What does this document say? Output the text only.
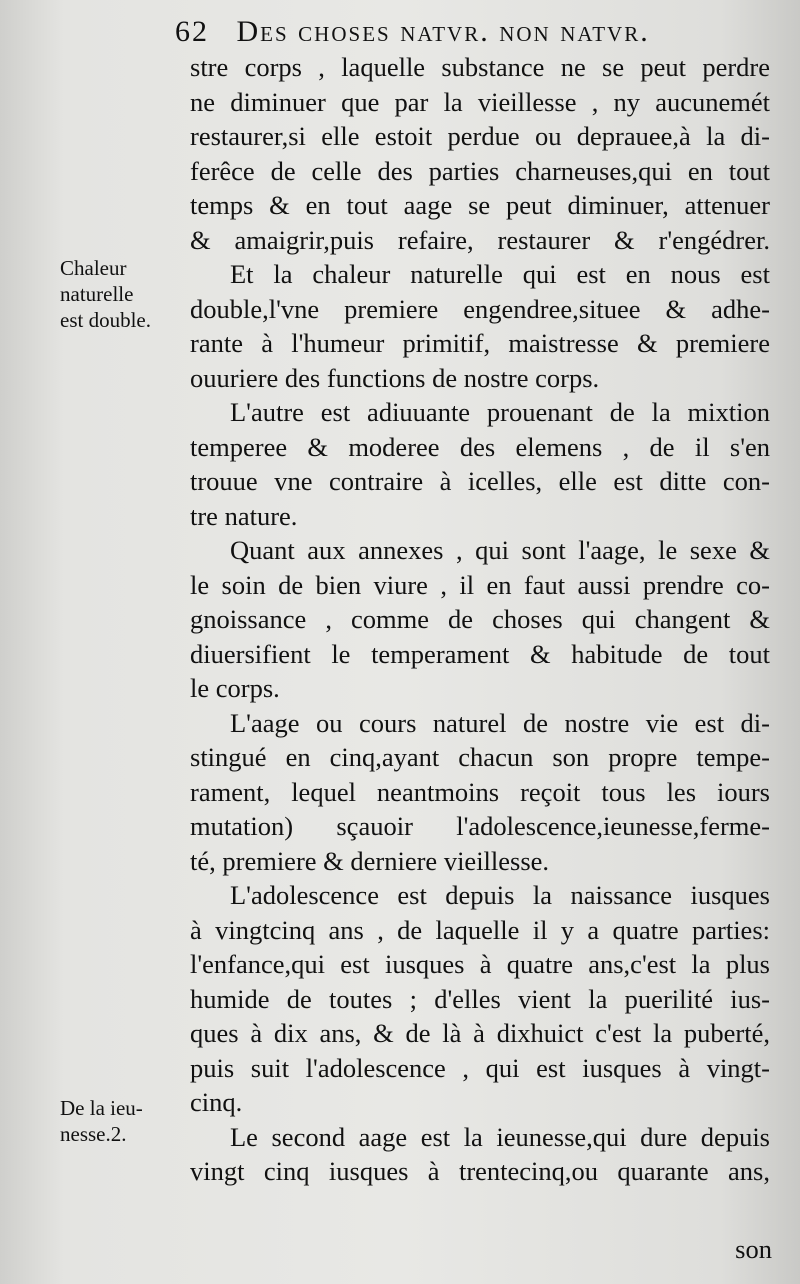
62 Des choses natvr. non natvr.
Chaleur
naturelle
est double.
De la ieu-
nesse.2.
stre corps , laquelle substance ne se peut perdre
ne diminuer que par la vieillesse , ny aucunemét
restaurer,si elle estoit perdue ou deprauee,à la di-
ferêce de celle des parties charneuses,qui en tout
temps & en tout aage se peut diminuer, attenuer
& amaigrir,puis refaire, restaurer & r'engédrer.
Et la chaleur naturelle qui est en nous est
double,l'vne premiere engendree,situee & adhe-
rante à l'humeur primitif, maistresse & premiere
ouuriere des functions de nostre corps.
L'autre est adiuuante prouenant de la mixtion
temperee & moderee des elemens , de il s'en
trouue vne contraire à icelles, elle est ditte con-
tre nature.
Quant aux annexes , qui sont l'aage, le sexe &
le soin de bien viure , il en faut aussi prendre co-
gnoissance , comme de choses qui changent &
diuersifient le temperament & habitude de tout
le corps.
L'aage ou cours naturel de nostre vie est di-
stingué en cinq,ayant chacun son propre tempe-
rament, lequel neantmoins reçoit tous les iours
mutation) sçauoir l'adolescence,ieunesse,ferme-
té, premiere & derniere vieillesse.
L'adolescence est depuis la naissance iusques
à vingtcinq ans , de laquelle il y a quatre parties:
l'enfance,qui est iusques à quatre ans,c'est la plus
humide de toutes ; d'elles vient la puerilité ius-
ques à dix ans, & de là à dixhuict c'est la puberté,
puis suit l'adolescence , qui est iusques à vingt-
cinq.
Le second aage est la ieunesse,qui dure depuis
vingt cinq iusques à trentecinq,ou quarante ans,
son
